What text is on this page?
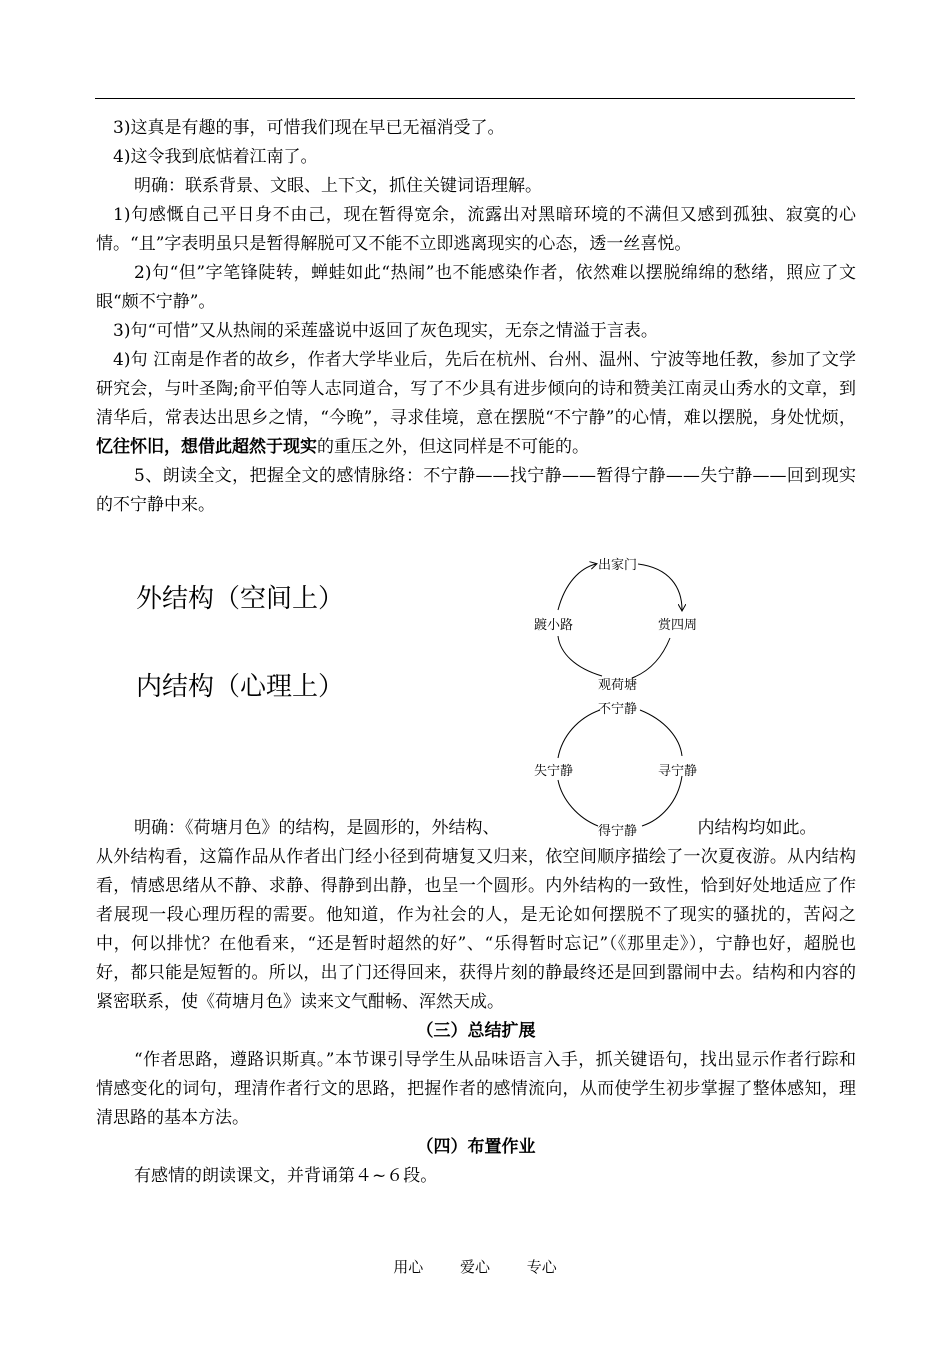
3)这真是有趣的事，可惜我们现在早已无福消受了。

4)这令我到底惦着江南了。

明确：联系背景、文眼、上下文，抓住关键词语理解。

1)句感慨自己平日身不由己，现在暂得宽余，流露出对黑暗环境的不满但又感到孤独、寂寞的心情。“且”字表明虽只是暂得解脱可又不能不立即逃离现实的心态，透一丝喜悦。

2)句“但”字笔锋陡转，蝉蛙如此“热闹”也不能感染作者，依然难以摆脱绵绵的愁绪，照应了文眼“颇不宁静”。

3)句“可惜”又从热闹的采莲盛说中返回了灰色现实，无奈之情溢于言表。

4)句 江南是作者的故乡，作者大学毕业后，先后在杭州、台州、温州、宁波等地任教，参加了文学研究会，与叶圣陶;俞平伯等人志同道合，写了不少具有进步倾向的诗和赞美江南灵山秀水的文章，到清华后，常表达出思乡之情，“今晚”，寻求佳境，意在摆脱“不宁静”的心情，难以摆脱，身处忧烦，忆往怀旧，想借此超然于现实的重压之外，但这同样是不可能的。

5、朗读全文，把握全文的感情脉络：不宁静——找宁静——暂得宁静——失宁静——回到现实的不宁静中来。

外结构（空间上）
内结构（心理上）
出家门
赏四周
观荷塘
踱小路
不宁静
寻宁静
得宁静
失宁静

明确：《荷塘月色》的结构，是圆形的，外结构、	内结构均如此。

从外结构看，这篇作品从作者出门经小径到荷塘复又归来，依空间顺序描绘了一次夏夜游。从内结构看，情感思绪从不静、求静、得静到出静，也呈一个圆形。内外结构的一致性，恰到好处地适应了作者展现一段心理历程的需要。他知道，作为社会的人，是无论如何摆脱不了现实的骚扰的，苦闷之中，何以排忧？在他看来，“还是暂时超然的好”、“乐得暂时忘记”（《那里走》），宁静也好，超脱也好，都只能是短暂的。所以，出了门还得回来，获得片刻的静最终还是回到嚣闹中去。结构和内容的紧密联系，使《荷塘月色》读来文气酣畅、浑然天成。

（三）总结扩展

“作者思路，遵路识斯真。”本节课引导学生从品味语言入手，抓关键语句，找出显示作者行踪和情感变化的词句，理清作者行文的思路，把握作者的感情流向，从而使学生初步掌握了整体感知，理清思路的基本方法。

（四）布置作业

有感情的朗读课文，并背诵第４~６段。

用心 爱心 专心
